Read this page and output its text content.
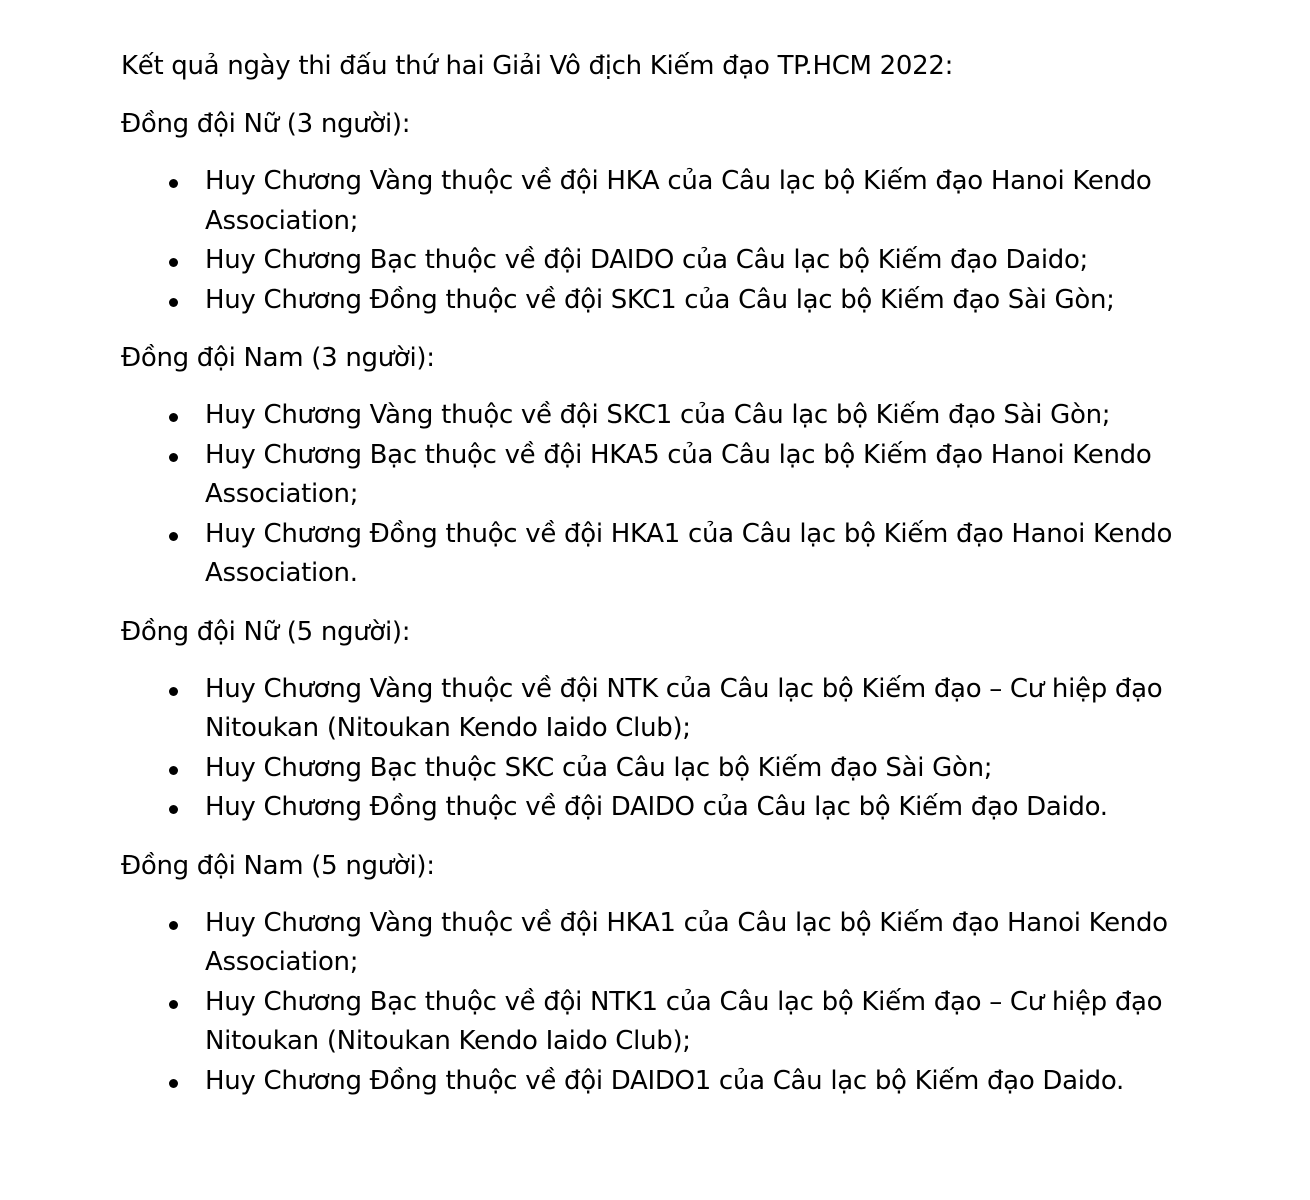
Kết quả ngày thi đấu thứ hai Giải Vô địch Kiếm đạo TP.HCM 2022:

Đồng đội Nữ (3 người):

Huy Chương Vàng thuộc về đội HKA của Câu lạc bộ Kiếm đạo Hanoi Kendo Association;
Huy Chương Bạc thuộc về đội DAIDO của Câu lạc bộ Kiếm đạo Daido;
Huy Chương Đồng thuộc về đội SKC1 của Câu lạc bộ Kiếm đạo Sài Gòn;

Đồng đội Nam (3 người):

Huy Chương Vàng thuộc về đội SKC1 của Câu lạc bộ Kiếm đạo Sài Gòn;
Huy Chương Bạc thuộc về đội HKA5 của Câu lạc bộ Kiếm đạo Hanoi Kendo Association;
Huy Chương Đồng thuộc về đội HKA1 của Câu lạc bộ Kiếm đạo Hanoi Kendo Association.

Đồng đội Nữ (5 người):

Huy Chương Vàng thuộc về đội NTK của Câu lạc bộ Kiếm đạo – Cư hiệp đạo Nitoukan (Nitoukan Kendo Iaido Club);
Huy Chương Bạc thuộc SKC của Câu lạc bộ Kiếm đạo Sài Gòn;
Huy Chương Đồng thuộc về đội DAIDO của Câu lạc bộ Kiếm đạo Daido.

Đồng đội Nam (5 người):

Huy Chương Vàng thuộc về đội HKA1 của Câu lạc bộ Kiếm đạo Hanoi Kendo Association;
Huy Chương Bạc thuộc về đội NTK1 của Câu lạc bộ Kiếm đạo – Cư hiệp đạo Nitoukan (Nitoukan Kendo Iaido Club);
Huy Chương Đồng thuộc về đội DAIDO1 của Câu lạc bộ Kiếm đạo Daido.
